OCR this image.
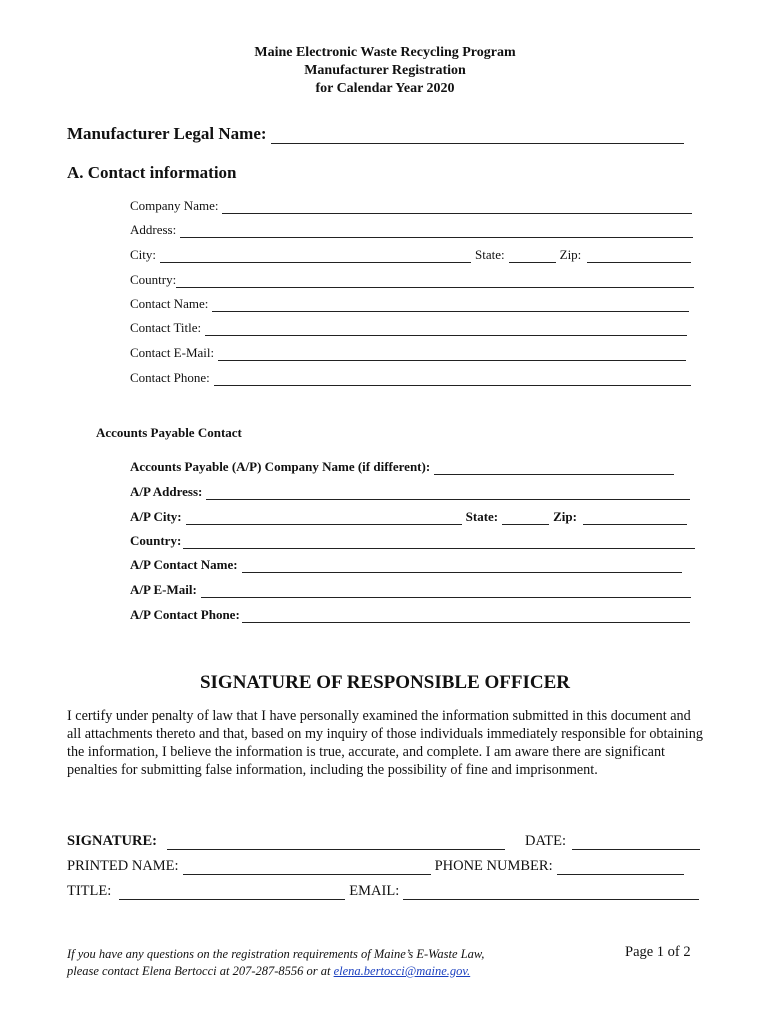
Maine Electronic Waste Recycling Program
Manufacturer Registration
for Calendar Year 2020
Manufacturer Legal Name:
A. Contact information
Company Name:
Address:
City:	State:	Zip:
Country:
Contact Name:
Contact Title:
Contact E-Mail:
Contact Phone:
Accounts Payable Contact
Accounts Payable (A/P) Company Name (if different):
A/P Address:
A/P City:	State:	Zip:
Country:
A/P Contact Name:
A/P E-Mail:
A/P Contact Phone:
SIGNATURE OF RESPONSIBLE OFFICER
I certify under penalty of law that I have personally examined the information submitted in this document and all attachments thereto and that, based on my inquiry of those individuals immediately responsible for obtaining the information, I believe the information is true, accurate, and complete. I am aware there are significant penalties for submitting false information, including the possibility of fine and imprisonment.
SIGNATURE:	DATE:
PRINTED NAME:	PHONE NUMBER:
TITLE:	EMAIL:
If you have any questions on the registration requirements of Maine’s E-Waste Law,
please contact Elena Bertocci at 207-287-8556 or at elena.bertocci@maine.gov.
Page 1 of 2
